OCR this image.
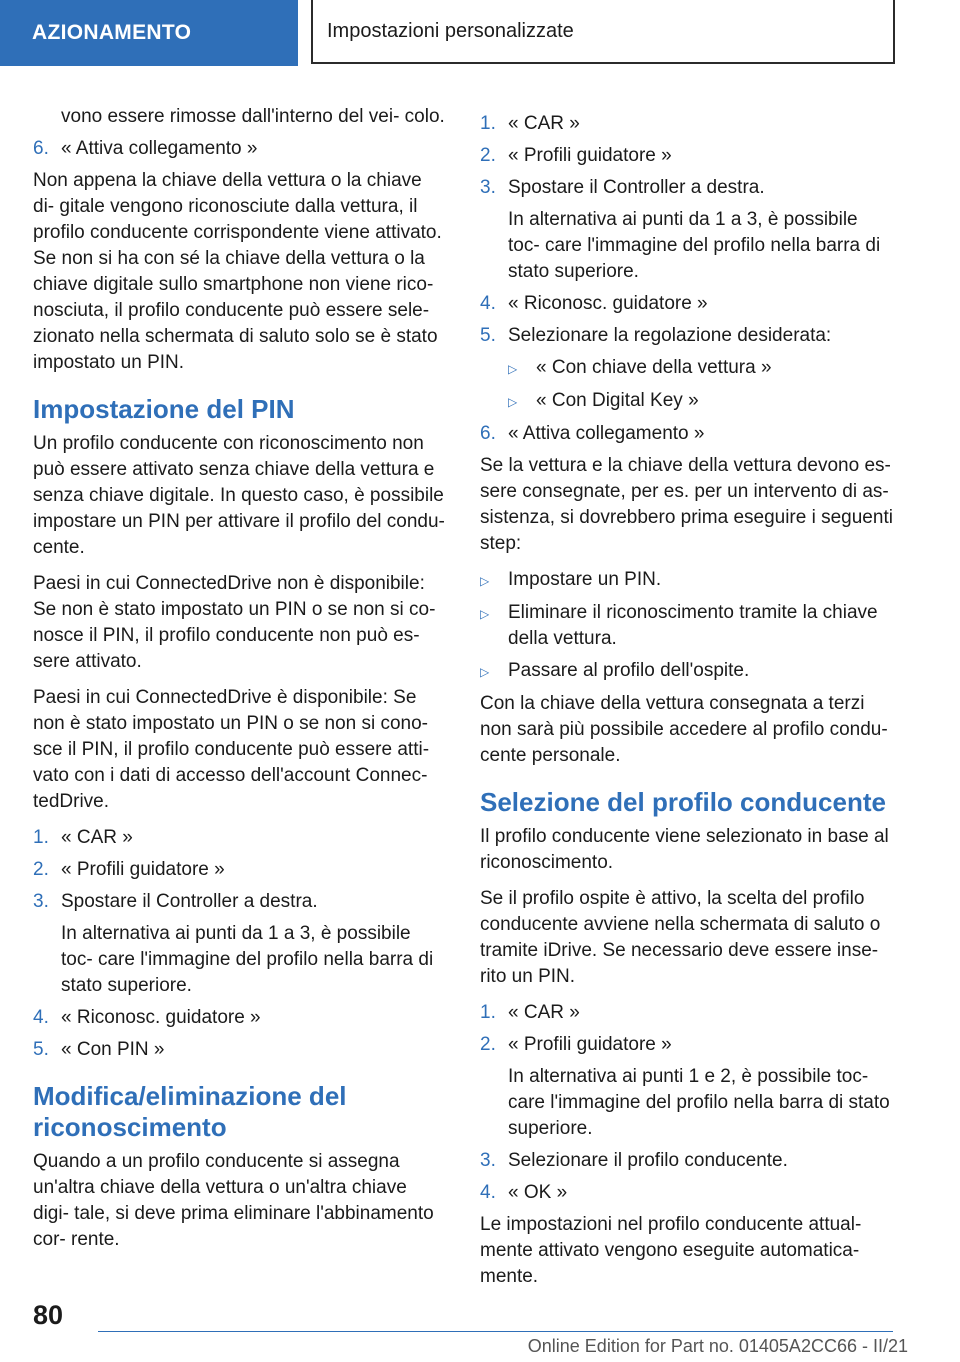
AZIONAMENTO	Impostazioni personalizzate
vono essere rimosse dall'interno del vei- colo.
6. « Attiva collegamento »

Non appena la chiave della vettura o la chiave di- gitale vengono riconosciute dalla vettura, il profilo conducente corrispondente viene attivato. Se non si ha con sé la chiave della vettura o la chiave digitale sullo smartphone non viene rico- nosciuta, il profilo conducente può essere sele- zionato nella schermata di saluto solo se è stato impostato un PIN.

Impostazione del PIN

Un profilo conducente con riconoscimento non può essere attivato senza chiave della vettura e senza chiave digitale. In questo caso, è possibile impostare un PIN per attivare il profilo del condu- cente.

Paesi in cui ConnectedDrive non è disponibile: Se non è stato impostato un PIN o se non si co- nosce il PIN, il profilo conducente non può es- sere attivato.

Paesi in cui ConnectedDrive è disponibile: Se non è stato impostato un PIN o se non si cono- sce il PIN, il profilo conducente può essere atti- vato con i dati di accesso dell'account Connec- tedDrive.

1. « CAR »
2. « Profili guidatore »
3. Spostare il Controller a destra.
In alternativa ai punti da 1 a 3, è possibile toc- care l'immagine del profilo nella barra di stato superiore.
4. « Riconosc. guidatore »
5. « Con PIN »
Modifica/eliminazione del riconoscimento

Quando a un profilo conducente si assegna un'altra chiave della vettura o un'altra chiave digi- tale, si deve prima eliminare l'abbinamento cor- rente.

1. « CAR »
2. « Profili guidatore »
3. Spostare il Controller a destra.
In alternativa ai punti da 1 a 3, è possibile toc- care l'immagine del profilo nella barra di stato superiore.
4. « Riconosc. guidatore »
5. Selezionare la regolazione desiderata:
▷ « Con chiave della vettura »
▷ « Con Digital Key »
6. « Attiva collegamento »

Se la vettura e la chiave della vettura devono es- sere consegnate, per es. per un intervento di as- sistenza, si dovrebbero prima eseguire i seguenti step:

▷ Impostare un PIN.
▷ Eliminare il riconoscimento tramite la chiave della vettura.
▷ Passare al profilo dell'ospite.

Con la chiave della vettura consegnata a terzi non sarà più possibile accedere al profilo condu- cente personale.

Selezione del profilo conducente

Il profilo conducente viene selezionato in base al riconoscimento.

Se il profilo ospite è attivo, la scelta del profilo conducente avviene nella schermata di saluto o tramite iDrive. Se necessario deve essere inse- rito un PIN.

1. « CAR »
2. « Profili guidatore »
In alternativa ai punti 1 e 2, è possibile toc- care l'immagine del profilo nella barra di stato superiore.
3. Selezionare il profilo conducente.
4. « OK »

Le impostazioni nel profilo conducente attual- mente attivato vengono eseguite automatica- mente.

80
Online Edition for Part no. 01405A2CC66 - II/21
